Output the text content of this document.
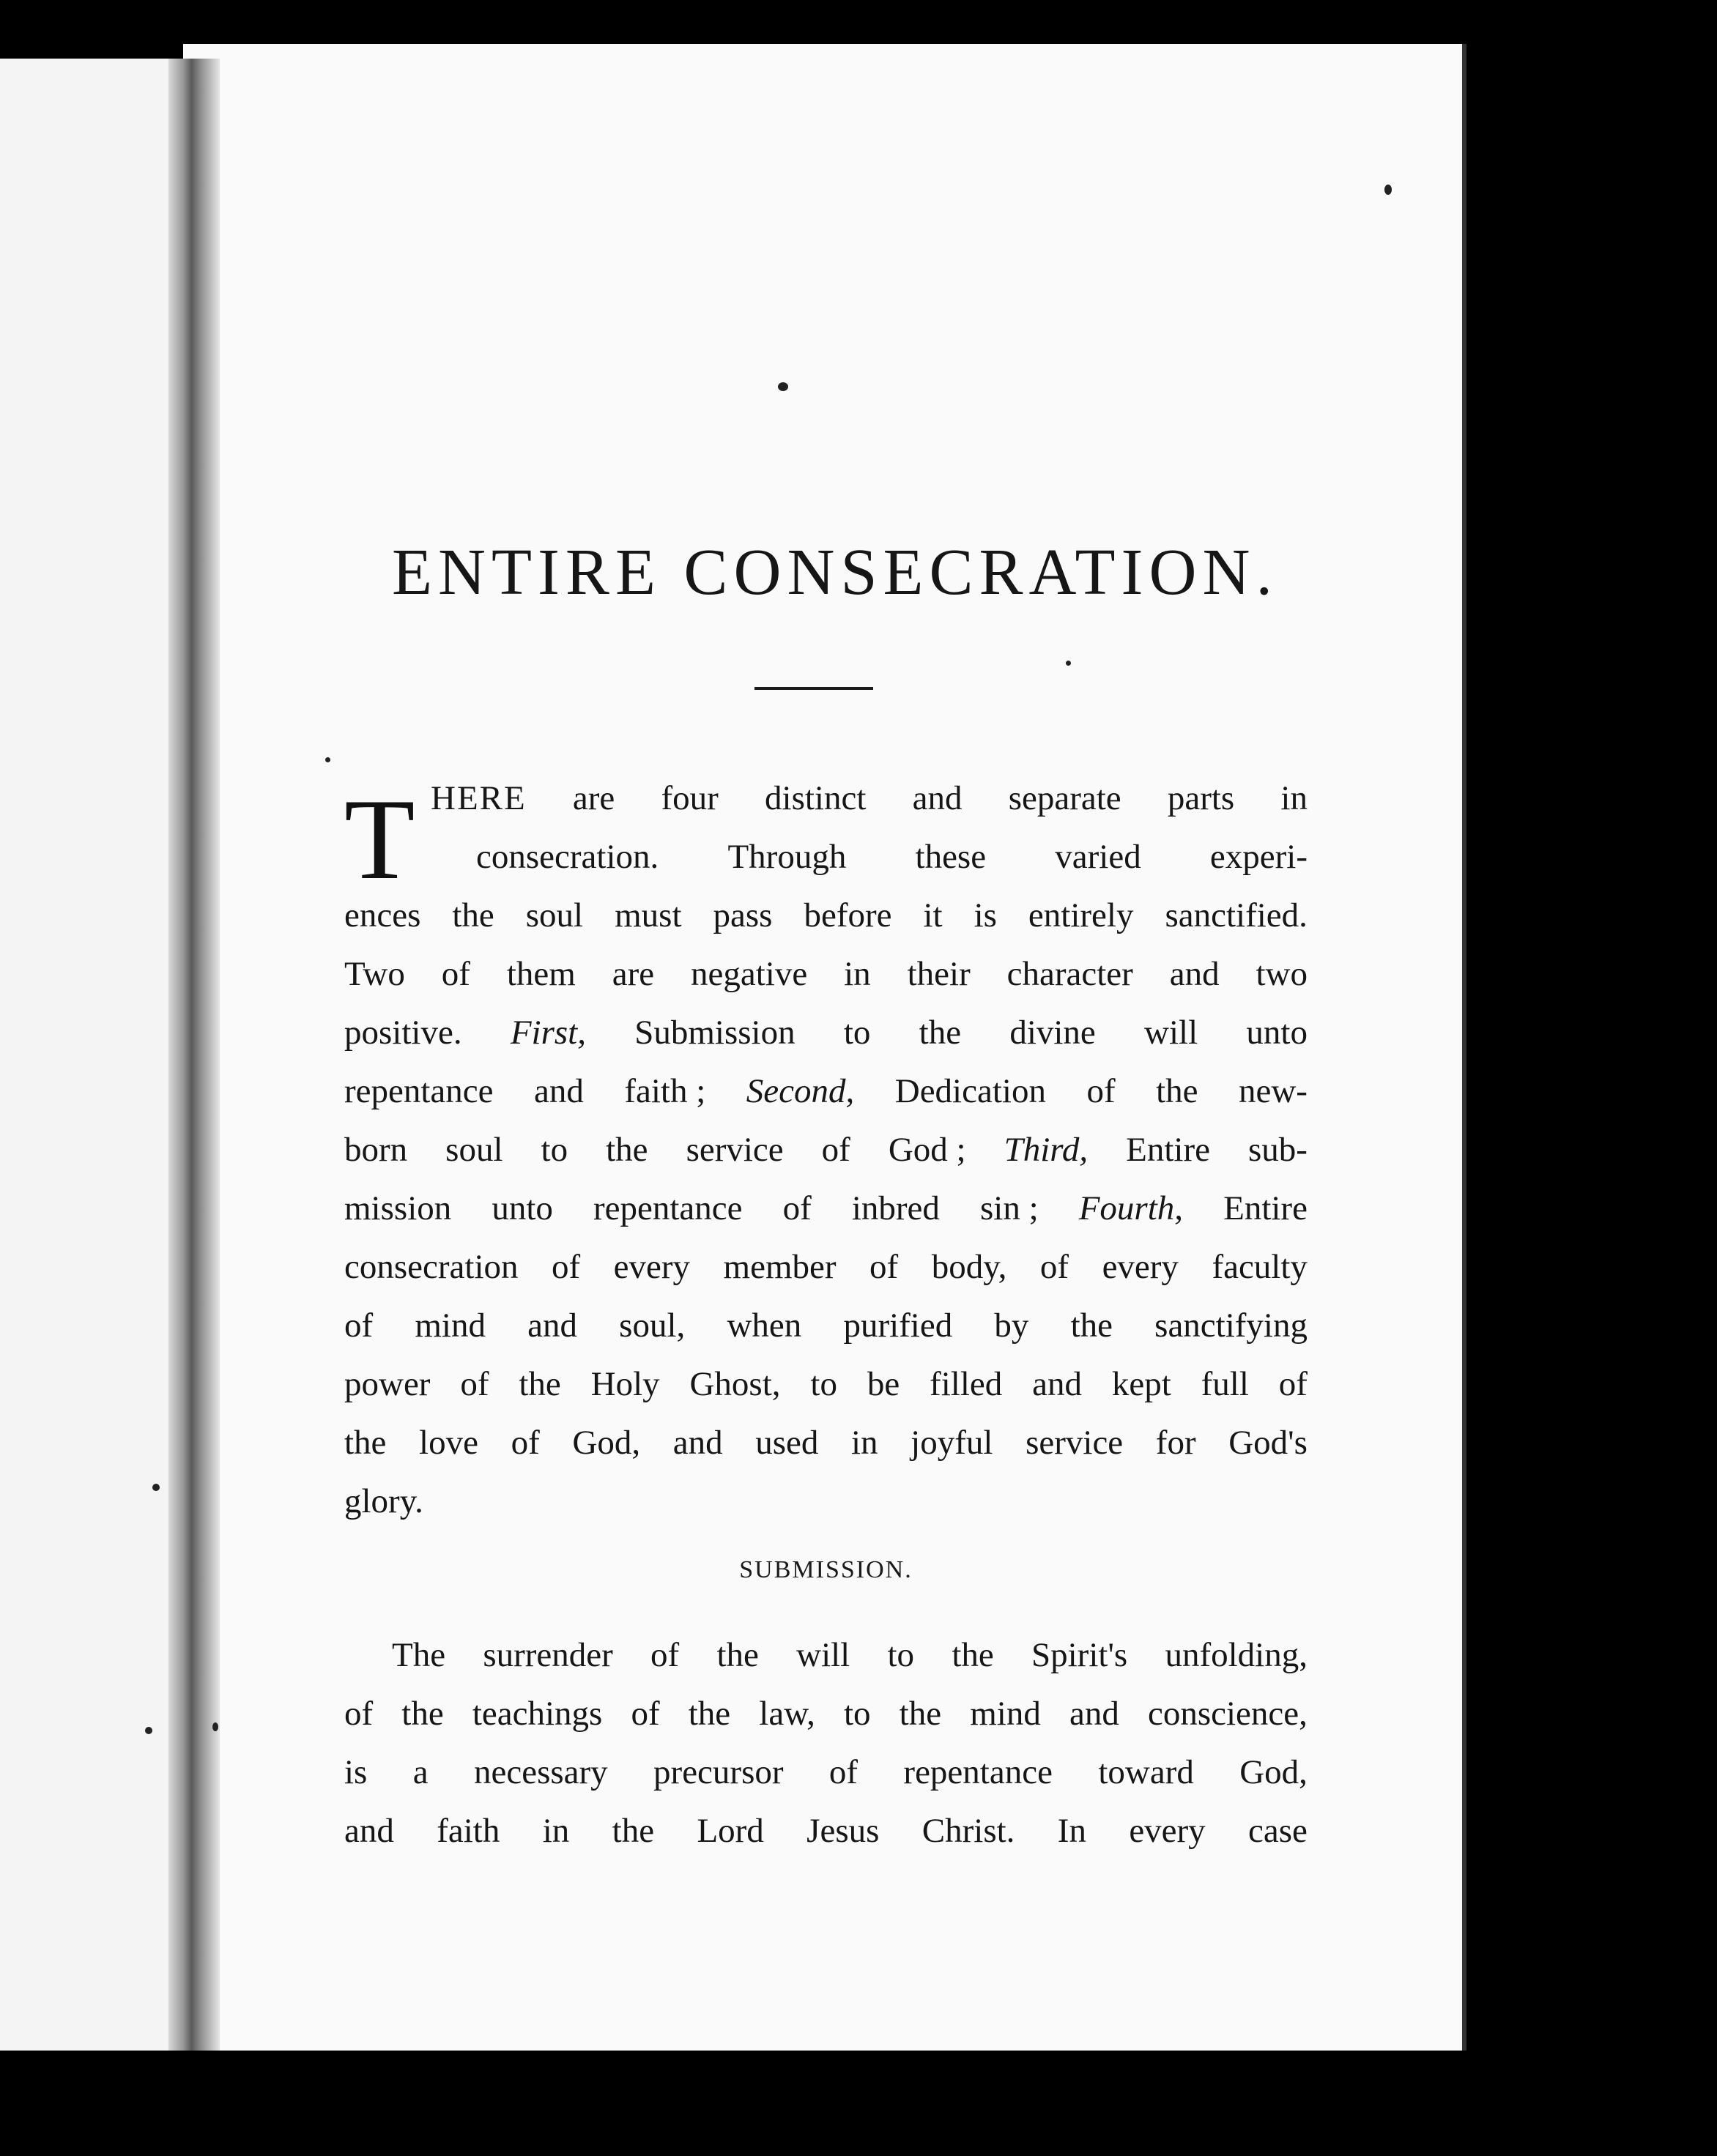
ENTIRE CONSECRATION.
T HERE are four distinct and separate parts in
consecration. Through these varied experi-
ences the soul must pass before it is entirely sanctified.
Two of them are negative in their character and two
positive. First, Submission to the divine will unto
repentance and faith ; Second, Dedication of the new-
born soul to the service of God ; Third, Entire sub-
mission unto repentance of inbred sin ; Fourth, Entire
consecration of every member of body, of every faculty
of mind and soul, when purified by the sanctifying
power of the Holy Ghost, to be filled and kept full of
the love of God, and used in joyful service for God's
glory.
SUBMISSION.
The surrender of the will to the Spirit's unfolding,
of the teachings of the law, to the mind and conscience,
is a necessary precursor of repentance toward God,
and faith in the Lord Jesus Christ. In every case
